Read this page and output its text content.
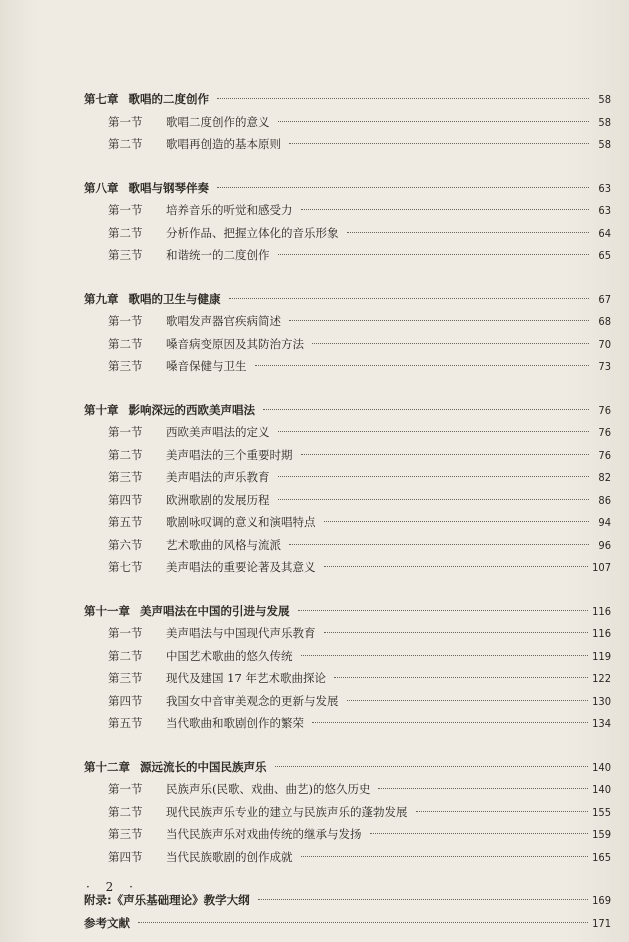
第七章 歌唱的二度创作	58
第一节	歌唱二度创作的意义	58
第二节	歌唱再创造的基本原则	58
第八章 歌唱与钢琴伴奏	63
第一节	培养音乐的听觉和感受力	63
第二节	分析作品、把握立体化的音乐形象	64
第三节	和谐统一的二度创作	65
第九章 歌唱的卫生与健康	67
第一节	歌唱发声器官疾病简述	68
第二节	嗓音病变原因及其防治方法	70
第三节	嗓音保健与卫生	73
第十章 影响深远的西欧美声唱法	76
第一节	西欧美声唱法的定义	76
第二节	美声唱法的三个重要时期	76
第三节	美声唱法的声乐教育	82
第四节	欧洲歌剧的发展历程	86
第五节	歌剧咏叹调的意义和演唱特点	94
第六节	艺术歌曲的风格与流派	96
第七节	美声唱法的重要论著及其意义	107
第十一章 美声唱法在中国的引进与发展	116
第一节	美声唱法与中国现代声乐教育	116
第二节	中国艺术歌曲的悠久传统	119
第三节	现代及建国 17 年艺术歌曲探论	122
第四节	我国女中音审美观念的更新与发展	130
第五节	当代歌曲和歌剧创作的繁荣	134
第十二章 源远流长的中国民族声乐	140
第一节	民族声乐(民歌、戏曲、曲艺)的悠久历史	140
第二节	现代民族声乐专业的建立与民族声乐的蓬勃发展	155
第三节	当代民族声乐对戏曲传统的继承与发扬	159
第四节	当代民族歌剧的创作成就	165
附录:《声乐基础理论》教学大纲	169
参考文献	171
· 2 ·
